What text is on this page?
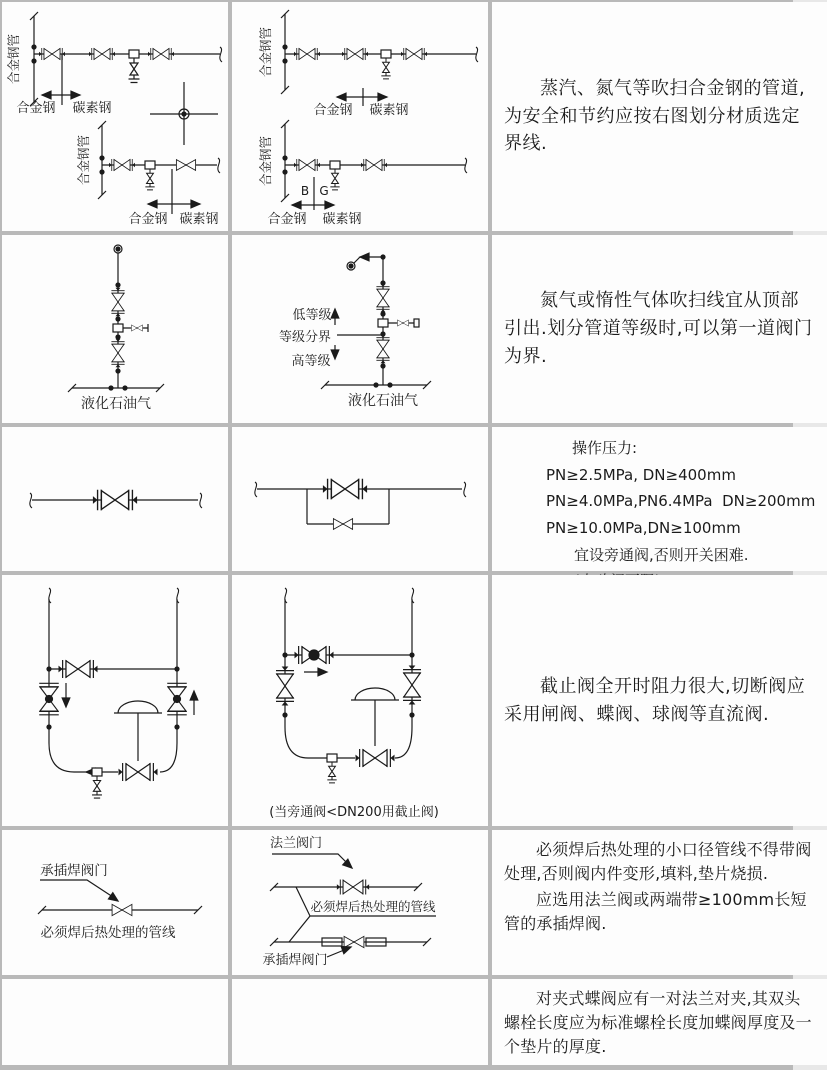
合金钢管
合金钢 碳素钢
合金钢管
合金钢 碳素钢
合金钢管
合金钢 碳素钢
合金钢管
B G
合金钢 碳素钢
蒸汽、氮气等吹扫合金钢的管道,为安全和节约应按右图划分材质选定界线.
液化石油气
低等级
等级分界
高等级
液化石油气
氮气或惰性气体吹扫线宜从顶部引出.划分管道等级时,可以第一道阀门为界.
操作压力:
PN≥2.5MPa, DN≥400mm
PN≥4.0MPa,PN6.4MPa  DN≥200mm
PN≥10.0MPa,DN≥100mm
宜设旁通阀,否则开关困难.
(当旁通阀<DN200用截止阀)
截止阀全开时阻力很大,切断阀应采用闸阀、蝶阀、球阀等直流阀.
承插焊阀门
必须焊后热处理的管线
法兰阀门
必须焊后热处理的管线
承插焊阀门

必须焊后热处理的小口径管线不得带阀处理,否则阀内件变形,填料,垫片烧损.

应选用法兰阀或两端带≥100mm长短管的承插焊阀.

对夹式蝶阀应有一对法兰对夹,其双头螺栓长度应为标准螺栓长度加蝶阀厚度及一个垫片的厚度.
